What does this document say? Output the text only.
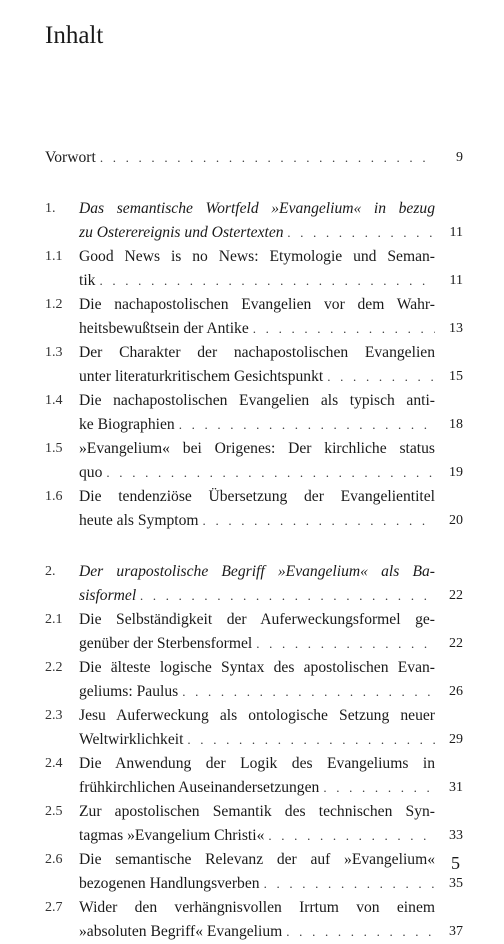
Inhalt
Vorwort . . .	9
1.	Das semantische Wortfeld »Evangelium« in bezug
zu Osterereignis und Ostertexten . . .	11
1.1	Good News is no News: Etymologie und Seman-
tik . . .	11
1.2	Die nachapostolischen Evangelien vor dem Wahr-
heitsbewußtsein der Antike . . .	13
1.3	Der Charakter der nachapostolischen Evangelien
unter literaturkritischem Gesichtspunkt . . .	15
1.4	Die nachapostolischen Evangelien als typisch anti-
ke Biographien . . .	18
1.5	»Evangelium« bei Origenes: Der kirchliche status
quo . . .	19
1.6	Die tendenziöse Übersetzung der Evangelientitel
heute als Symptom . . .	20
2.	Der urapostolische Begriff »Evangelium« als Ba-
sisformel . . .	22
2.1	Die Selbständigkeit der Auferweckungsformel ge-
genüber der Sterbensformel . . .	22
2.2	Die älteste logische Syntax des apostolischen Evan-
geliums: Paulus . . .	26
2.3	Jesu Auferweckung als ontologische Setzung neuer
Weltwirklichkeit . . .	29
2.4	Die Anwendung der Logik des Evangeliums in
frühkirchlichen Auseinandersetzungen . . .	31
2.5	Zur apostolischen Semantik des technischen Syn-
tagmas »Evangelium Christi« . . .	33
2.6	Die semantische Relevanz der auf »Evangelium«
bezogenen Handlungsverben . . .	35
2.7	Wider den verhängnisvollen Irrtum von einem
»absoluten Begriff« Evangelium . . .	37
5
